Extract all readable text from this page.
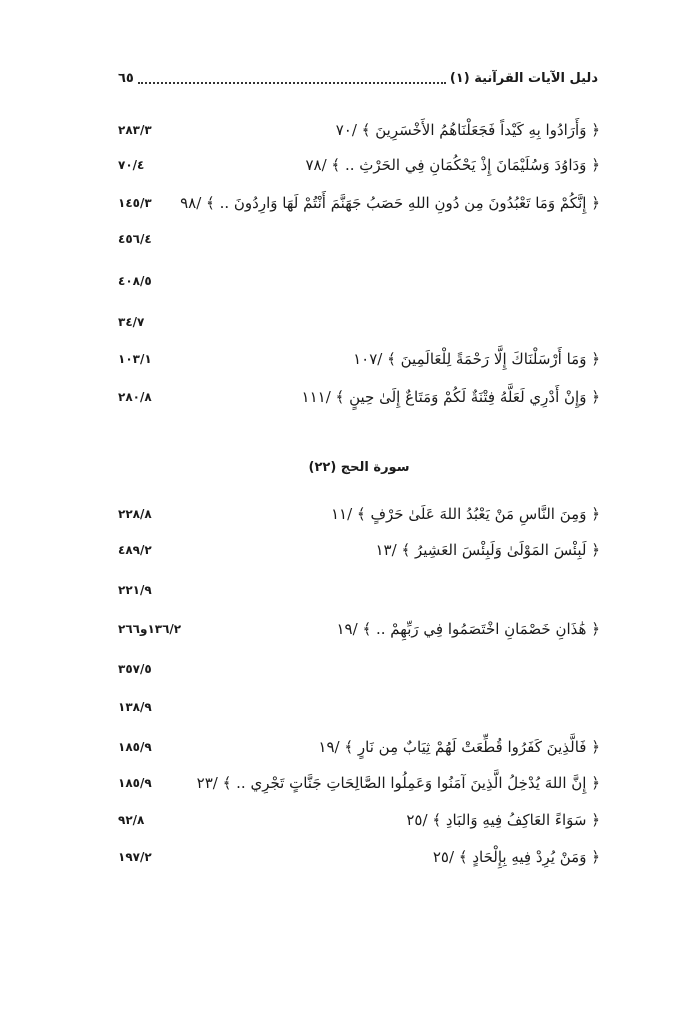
دليل الآيات القرآنية (١)
٦٥
﴿ وَأَرَادُوا بِهِ كَيْداً فَجَعَلْنَاهُمُ الأَخْسَرِينَ ﴾ /٧٠
٢٨٣/٣
﴿ وَدَاوُدَ وَسُلَيْمَانَ إِذْ يَحْكُمَانِ فِي الحَرْثِ .. ﴾ /٧٨
٧٠/٤
﴿ إِنَّكُمْ وَمَا تَعْبُدُونَ مِن دُونِ اللهِ حَصَبُ جَهَنَّمَ أَنْتُمْ لَهَا وَارِدُونَ .. ﴾ /٩٨
١٤٥/٣
٤٥٦/٤
٤٠٨/٥
٣٤/٧
﴿ وَمَا أَرْسَلْنَاكَ إِلَّا رَحْمَةً لِلْعَالَمِينَ ﴾ /١٠٧
١٠٣/١
﴿ وَإِنْ أَدْرِي لَعَلَّهُ فِتْنَةٌ لَكُمْ وَمَتَاعٌ إِلَىٰ حِينٍ ﴾ /١١١
٢٨٠/٨
سورة الحج (٢٢)
﴿ وَمِنَ النَّاسِ مَنْ يَعْبُدُ اللهَ عَلَىٰ حَرْفٍ ﴾ /١١
٢٢٨/٨
﴿ لَبِئْسَ المَوْلَىٰ وَلَبِئْسَ العَشِيرُ ﴾ /١٣
٤٨٩/٢
٢٢١/٩
﴿ هَٰذَانِ خَصْمَانِ اخْتَصَمُوا فِي رَبِّهِمْ .. ﴾ /١٩
١٣٦/٢و٢٦٦
٣٥٧/٥
١٣٨/٩
﴿ فَالَّذِينَ كَفَرُوا قُطِّعَتْ لَهُمْ ثِيَابٌ مِن نَارٍ ﴾ /١٩
١٨٥/٩
﴿ إِنَّ اللهَ يُدْخِلُ الَّذِينَ آمَنُوا وَعَمِلُوا الصَّالِحَاتِ جَنَّاتٍ تَجْرِي .. ﴾ /٢٣
١٨٥/٩
﴿ سَوَاءً العَاكِفُ فِيهِ وَالبَادِ ﴾ /٢٥
٩٢/٨
﴿ وَمَنْ يُرِدْ فِيهِ بِإِلْحَادٍ ﴾ /٢٥
١٩٧/٢
